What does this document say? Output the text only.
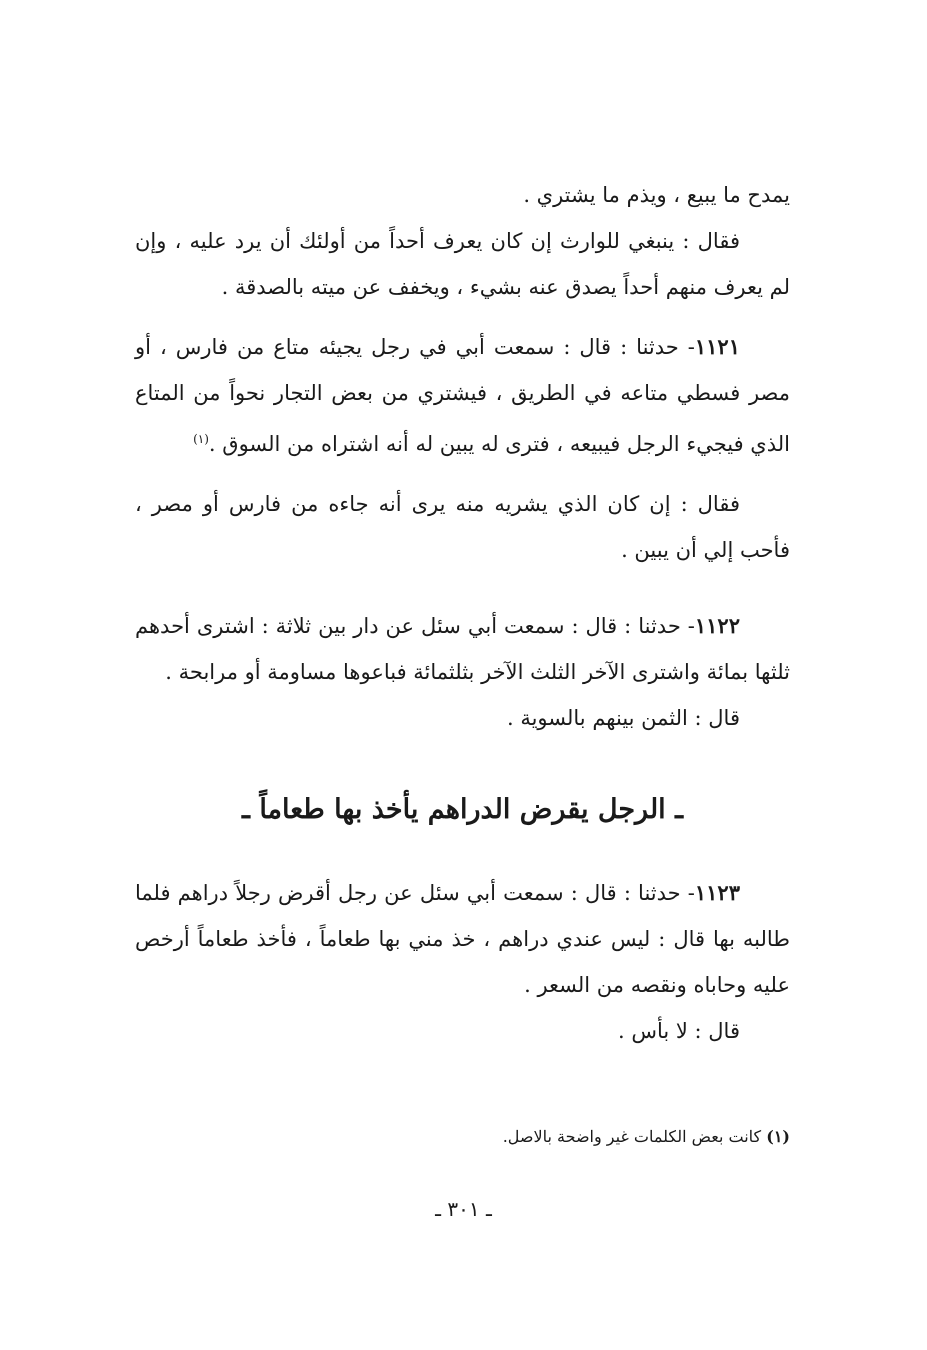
يمدح ما يبيع ، ويذم ما يشتري .

فقال : ينبغي للوارث إن كان يعرف أحداً من أولئك أن يرد عليه ، وإن لم يعرف منهم أحداً يصدق عنه بشيء ، ويخفف عن ميته بالصدقة .

١١٢١- حدثنا : قال : سمعت أبي في رجل يجيئه متاع من فارس ، أو مصر فسطي متاعه في الطريق ، فيشتري من بعض التجار نحواً من المتاع الذي فيجيء الرجل فيبيعه ، فترى له يبين له أنه اشتراه من السوق .$^{(١)}$

فقال : إن كان الذي يشريه منه يرى أنه جاءه من فارس أو مصر ، فأحب إلي أن يبين .

١١٢٢- حدثنا : قال : سمعت أبي سئل عن دار بين ثلاثة : اشترى أحدهم ثلثها بمائة واشترى الآخر الثلث الآخر بثلثمائة فباعوها مساومة أو مرابحة .

قال : الثمن بينهم بالسوية .

ـ الرجل يقرض الدراهم يأخذ بها طعاماً ـ

١١٢٣- حدثنا : قال : سمعت أبي سئل عن رجل أقرض رجلاً دراهم فلما طالبه بها قال : ليس عندي دراهم ، خذ مني بها طعاماً ، فأخذ طعاماً أرخص عليه وحاباه ونقصه من السعر .

قال : لا بأس .

(١) كانت بعض الكلمات غير واضحة بالاصل.

ـ ٣٠١ ـ
